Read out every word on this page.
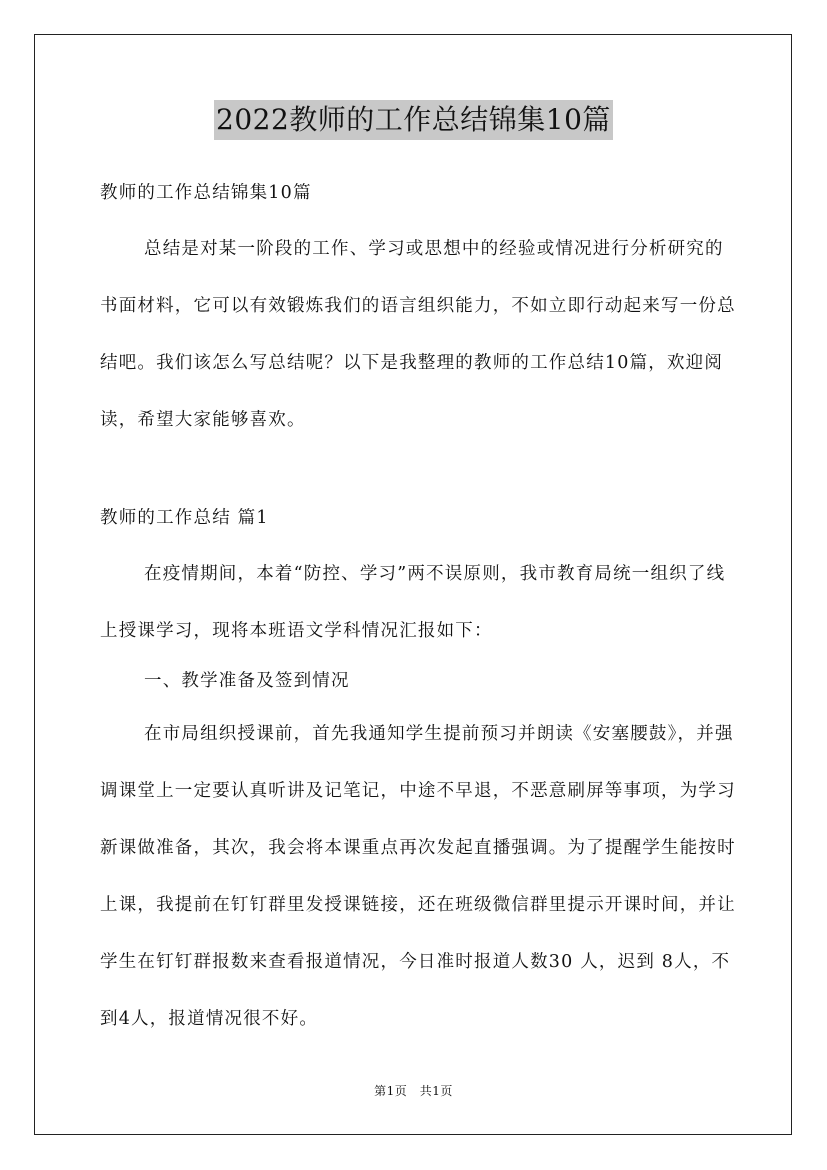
2022教师的工作总结锦集10篇

教师的工作总结锦集10篇

总结是对某一阶段的工作、学习或思想中的经验或情况进行分析研究的书面材料，它可以有效锻炼我们的语言组织能力，不如立即行动起来写一份总结吧。我们该怎么写总结呢？以下是我整理的教师的工作总结10篇，欢迎阅读，希望大家能够喜欢。

教师的工作总结 篇1

在疫情期间，本着“防控、学习”两不误原则，我市教育局统一组织了线上授课学习，现将本班语文学科情况汇报如下：

一、教学准备及签到情况

在市局组织授课前，首先我通知学生提前预习并朗读《安塞腰鼓》，并强调课堂上一定要认真听讲及记笔记，中途不早退，不恶意刷屏等事项，为学习新课做准备，其次，我会将本课重点再次发起直播强调。为了提醒学生能按时上课，我提前在钉钉群里发授课链接，还在班级微信群里提示开课时间，并让学生在钉钉群报数来查看报道情况，今日准时报道人数30 人，迟到 8人，不到4人，报道情况很不好。

第1页　共1页
